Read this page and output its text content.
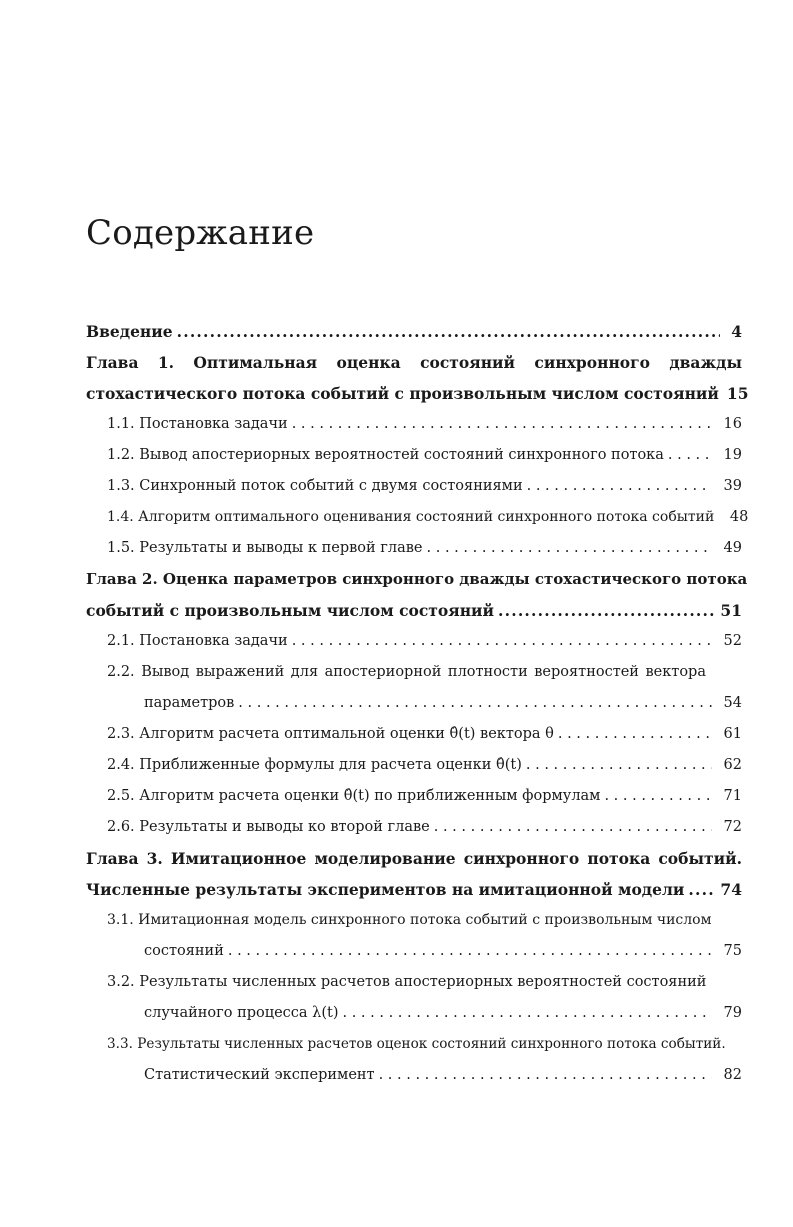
Содержание
Введение .....	4
Глава 1. Оптимальная оценка состояний синхронного дважды
стохастического потока событий с произвольным числом состояний 15
1.1. Постановка задачи . . .	16
1.2. Вывод апостериорных вероятностей состояний синхронного потока . . .	19
1.3. Синхронный поток событий с двумя состояниями . . .	39
1.4. Алгоритм оптимального оценивания состояний синхронного потока событий	48
1.5. Результаты и выводы к первой главе . . .	49
Глава 2. Оценка параметров синхронного дважды стохастического потока
событий с произвольным числом состояний .....	51
2.1. Постановка задачи . . .	52
2.2. Вывод выражений для апостериорной плотности вероятностей вектора
параметров . . .	54
2.3. Алгоритм расчета оптимальной оценки θ̂(t) вектора θ . . .	61
2.4. Приближенные формулы для расчета оценки θ̂(t) . . .	62
2.5. Алгоритм расчета оценки θ̂(t) по приближенным формулам . . .	71
2.6. Результаты и выводы ко второй главе . . .	72
Глава 3. Имитационное моделирование синхронного потока событий.
Численные результаты экспериментов на имитационной модели ..... 74
3.1. Имитационная модель синхронного потока событий с произвольным числом
состояний . . .	75
3.2. Результаты численных расчетов апостериорных вероятностей состояний
случайного процесса λ(t) . . .	79
3.3. Результаты численных расчетов оценок состояний синхронного потока событий.
Статистический эксперимент . . .	82
